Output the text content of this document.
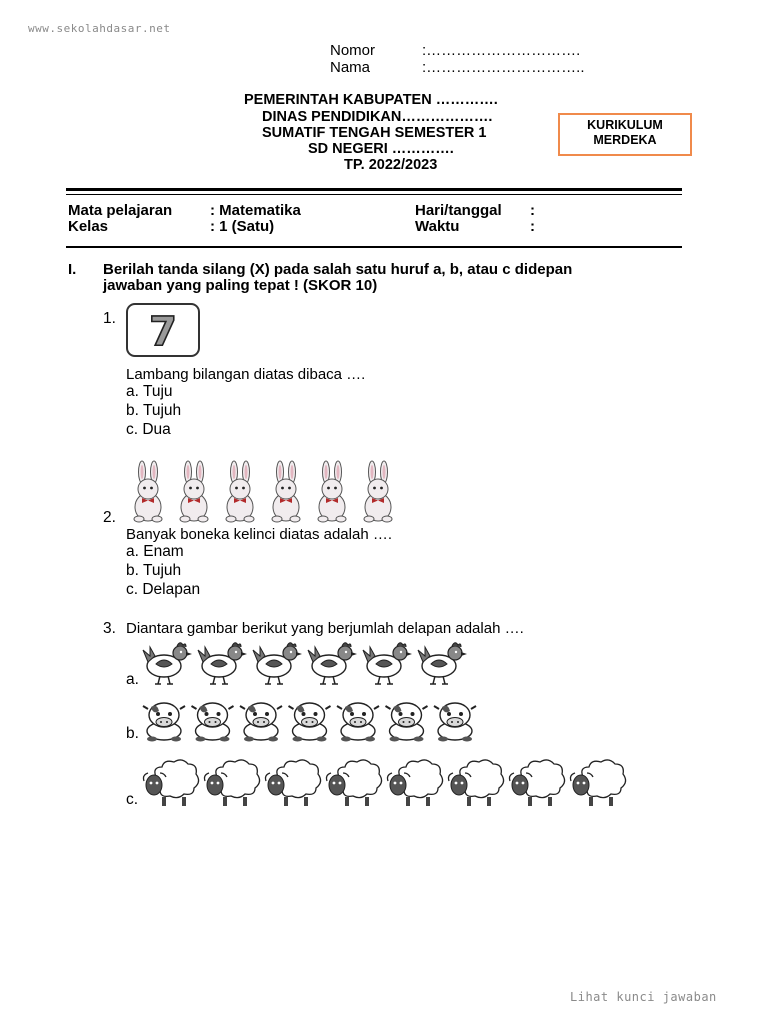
www.sekolahdasar.net
Lihat kunci jawaban
Nomor	:………………………….
Nama	:…………………………..
PEMERINTAH KABUPATEN ………….
DINAS PENDIDIKAN……………….
SUMATIF TENGAH SEMESTER 1
SD NEGERI ………….
TP. 2022/2023
KURIKULUM
MERDEKA
Mata pelajaran	: Matematika	Hari/tanggal :
Kelas	: 1 (Satu)	Waktu	:
I. Berilah tanda silang (X) pada salah satu huruf a, b, atau c didepan
jawaban yang paling tepat ! (SKOR 10)
1. 7
Lambang bilangan diatas dibaca ….
a. Tuju
b. Tujuh
c. Dua
2.
Banyak boneka kelinci diatas adalah ….
a. Enam
b. Tujuh
c. Delapan
3. Diantara gambar berikut yang berjumlah delapan adalah ….
a.
b.
c.
